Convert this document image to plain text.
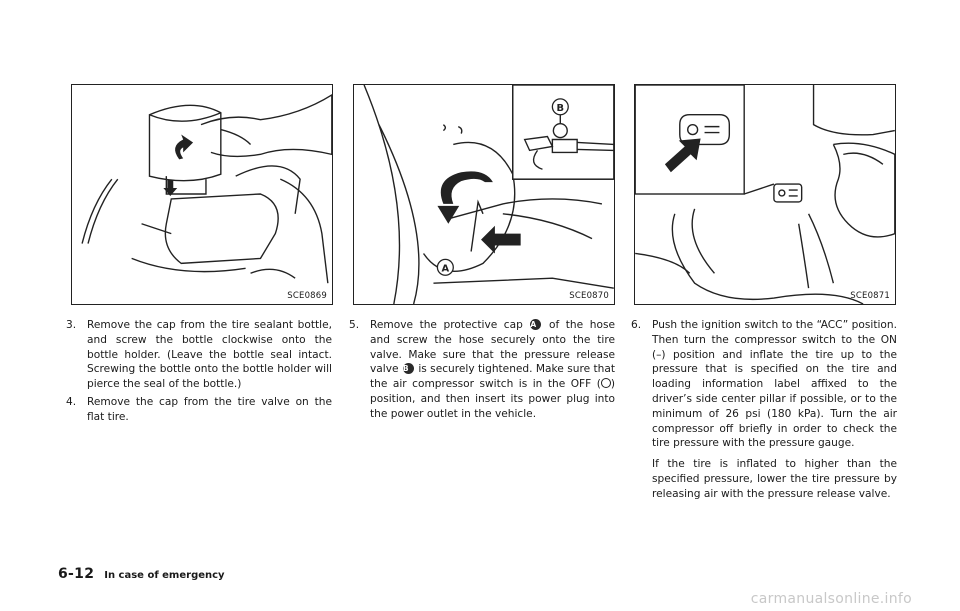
SCE0869
B
A
SCE0870	SCE0871

3. Remove the cap from the tire sealant bottle, and screw the bottle clockwise onto the bottle holder. (Leave the bottle seal intact. Screwing the bottle onto the bottle holder will pierce the seal of the bottle.)

4. Remove the cap from the tire valve on the flat tire.

5. Remove the protective cap A of the hose and screw the hose securely onto the tire valve. Make sure that the pressure release valve B is securely tightened. Make sure that the air compressor switch is in the OFF ( ) position, and then insert its power plug into the power outlet in the vehicle.

6. Push the ignition switch to the “ACC” position. Then turn the compressor switch to the ON (–) position and inflate the tire up to the pressure that is specified on the tire and loading information label affixed to the driver’s side center pillar if possible, or to the minimum of 26 psi (180 kPa). Turn the air compressor off briefly in order to check the tire pressure with the pressure gauge.

If the tire is inflated to higher than the specified pressure, lower the tire pressure by releasing air with the pressure release valve.

6-12 In case of emergency
carmanualsonline.info
